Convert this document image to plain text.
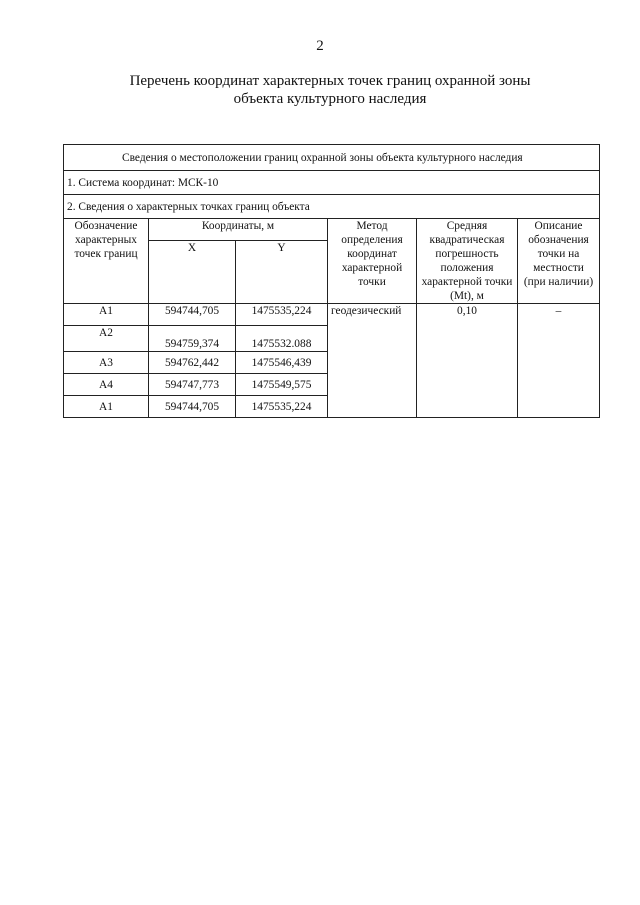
2
Перечень координат характерных точек границ охранной зоны
объекта культурного наследия
Сведения о местоположении границ охранной зоны объекта культурного наследия					
1. Система координат: МСК-10					
2. Сведения о характерных точках границ объекта					
Обозначение характерных точек границ	Координаты, м		Метод определения координат характерной точки	Средняя квадратическая погрешность положения характерной точки (Mt), м	Описание обозначения точки на местности (при наличии)
	X	Y			
А1	594744,705	1475535,224	геодезический	0,10	–
А2	594759,374	1475532.088			
А3	594762,442	1475546,439			
А4	594747,773	1475549,575			
А1	594744,705	1475535,224			
